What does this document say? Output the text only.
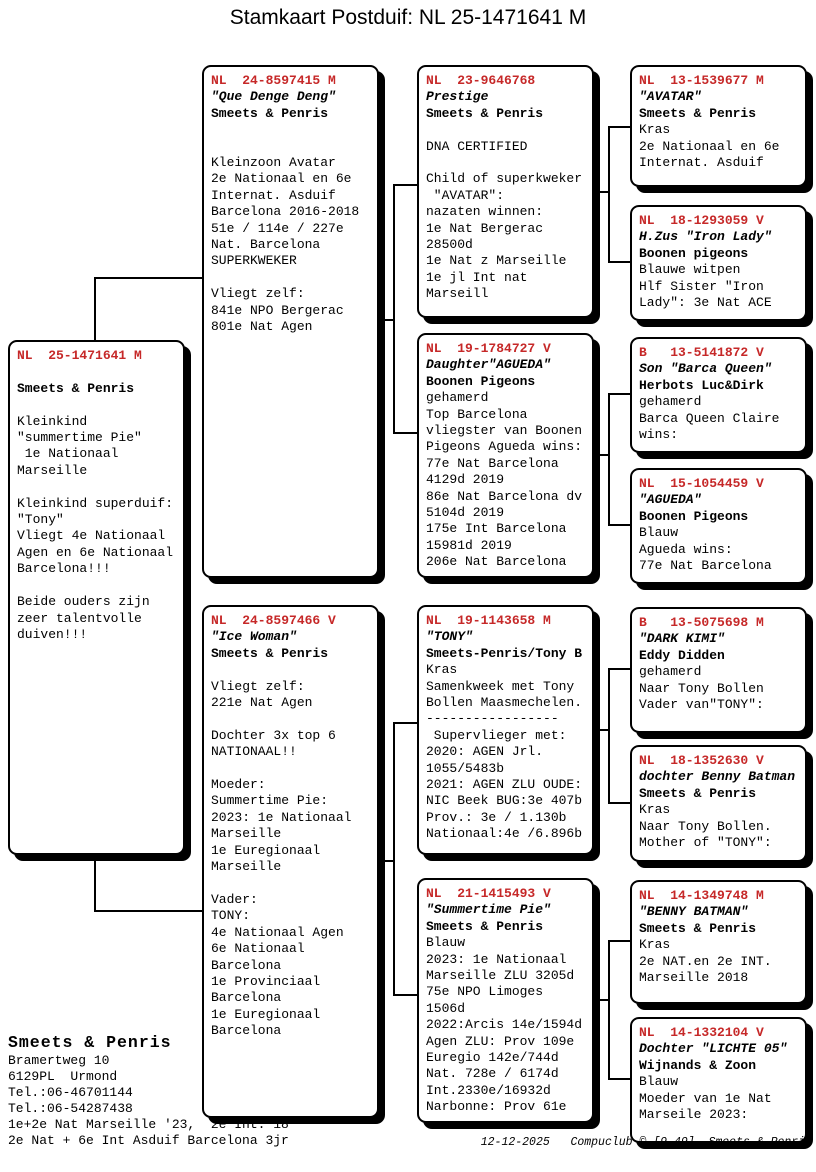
Stamkaart Postduif: NL 25-1471641 M
NL  25-1471641 M

Smeets & Penris

Kleinkind
"summertime Pie"
1e Nationaal
Marseille

Kleinkind superduif:
"Tony"
Vliegt 4e Nationaal
Agen en 6e Nationaal
Barcelona!!!

Beide ouders zijn
zeer talentvolle
duiven!!!
NL  24-8597415 M
"Que Denge Deng"
Smeets & Penris

Kleinzoon Avatar
2e Nationaal en 6e
Internat. Asduif
Barcelona 2016-2018
51e / 114e / 227e
Nat. Barcelona
SUPERKWEKER

Vliegt zelf:
841e NPO Bergerac
801e Nat Agen
NL  24-8597466 V
"Ice Woman"
Smeets & Penris

Vliegt zelf:
221e Nat Agen

Dochter 3x top 6
NATIONAAL!!

Moeder:
Summertime Pie:
2023: 1e Nationaal
Marseille
1e Euregionaal
Marseille

Vader:
TONY:
4e Nationaal Agen
6e Nationaal
Barcelona
1e Provinciaal
Barcelona
1e Euregionaal
Barcelona
NL  23-9646768
Prestige
Smeets & Penris

DNA CERTIFIED

Child of superkweker
"AVATAR":
nazaten winnen:
1e Nat Bergerac
28500d
1e Nat z Marseille
1e jl Int nat
Marseill
NL  19-1784727 V
Daughter"AGUEDA"
Boonen Pigeons
gehamerd
Top Barcelona
vliegster van Boonen
Pigeons Agueda wins:
77e Nat Barcelona
4129d 2019
86e Nat Barcelona dv
5104d 2019
175e Int Barcelona
15981d 2019
206e Nat Barcelona
NL  19-1143658 M
"TONY"
Smeets-Penris/Tony B
Kras
Samenkweek met Tony
Bollen Maasmechelen.
-----------------
Supervlieger met:
2020: AGEN Jrl.
1055/5483b
2021: AGEN ZLU OUDE:
NIC Beek BUG:3e 407b
Prov.: 3e / 1.130b
Nationaal:4e /6.896b
NL  21-1415493 V
"Summertime Pie"
Smeets & Penris
Blauw
2023: 1e Nationaal
Marseille ZLU 3205d
75e NPO Limoges
1506d
2022:Arcis 14e/1594d
Agen ZLU: Prov 109e
Euregio 142e/744d
Nat. 728e / 6174d
Int.2330e/16932d
Narbonne: Prov 61e
NL  13-1539677 M
"AVATAR"
Smeets & Penris
Kras
2e Nationaal en 6e
Internat. Asduif
NL  18-1293059 V
H.Zus "Iron Lady"
Boonen pigeons
Blauwe witpen
Hlf Sister "Iron
Lady": 3e Nat ACE
B   13-5141872 V
Son "Barca Queen"
Herbots Luc&Dirk
gehamerd
Barca Queen Claire
wins:
NL  15-1054459 V
"AGUEDA"
Boonen Pigeons
Blauw
Agueda wins:
77e Nat Barcelona
B   13-5075698 M
"DARK KIMI"
Eddy Didden
gehamerd
Naar Tony Bollen
Vader van"TONY":
NL  18-1352630 V
dochter Benny Batman
Smeets & Penris
Kras
Naar Tony Bollen.
Mother of "TONY":
NL  14-1349748 M
"BENNY BATMAN"
Smeets & Penris
Kras
2e NAT.en 2e INT.
Marseille 2018
NL  14-1332104 V
Dochter "LICHTE 05"
Wijnands & Zoon
Blauw
Moeder van 1e Nat
Marseile 2023:
Smeets & Penris
Bramertweg 10
6129PL  Urmond
Tel.:06-46701144
Tel.:06-54287438
1e+2e Nat Marseille '23,  2e Int.'18
2e Nat + 6e Int Asduif Barcelona 3jr	12-12-2025   Compuclub © [9.49]  Smeets & Penris
